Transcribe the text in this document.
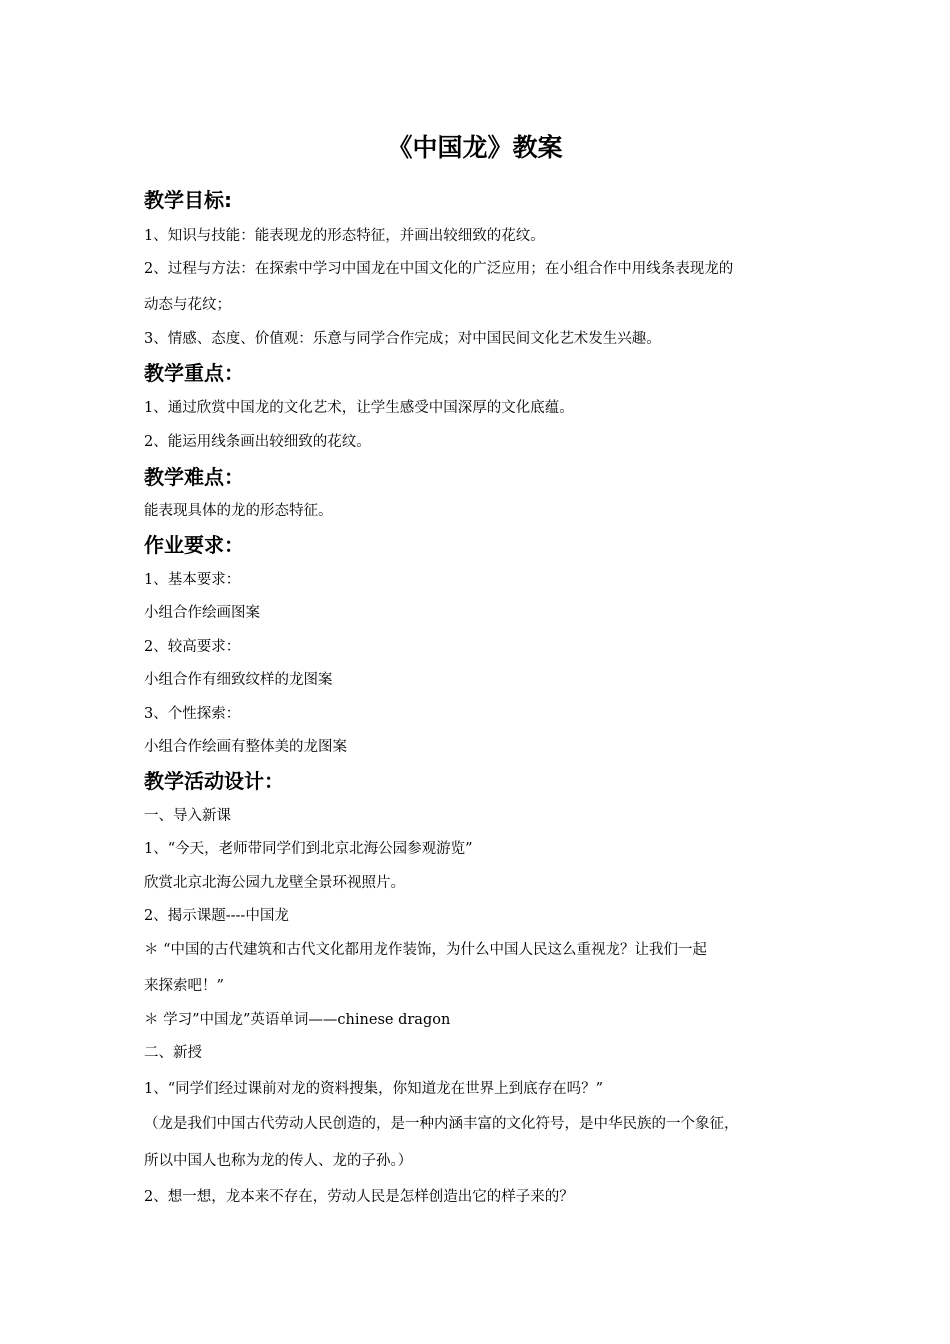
《中国龙》教案
教学目标:
1、知识与技能：能表现龙的形态特征，并画出较细致的花纹。
2、过程与方法：在探索中学习中国龙在中国文化的广泛应用；在小组合作中用线条表现龙的
动态与花纹；
3、情感、态度、价值观：乐意与同学合作完成；对中国民间文化艺术发生兴趣。
教学重点：
1、通过欣赏中国龙的文化艺术，让学生感受中国深厚的文化底蕴。
2、能运用线条画出较细致的花纹。
教学难点：
能表现具体的龙的形态特征。
作业要求：
1、基本要求：
小组合作绘画图案
2、较高要求：
小组合作有细致纹样的龙图案
3、个性探索：
小组合作绘画有整体美的龙图案
教学活动设计：
一、导入新课
1、“今天，老师带同学们到北京北海公园参观游览”
欣赏北京北海公园九龙壁全景环视照片。
2、揭示课题----中国龙
＊ “中国的古代建筑和古代文化都用龙作装饰，为什么中国人民这么重视龙？让我们一起
来探索吧！”
＊ 学习”中国龙”英语单词——chinese dragon
二、新授
1、“同学们经过课前对龙的资料搜集，你知道龙在世界上到底存在吗？”
（龙是我们中国古代劳动人民创造的，是一种内涵丰富的文化符号，是中华民族的一个象征，
所以中国人也称为龙的传人、龙的子孙。）
2、想一想，龙本来不存在，劳动人民是怎样创造出它的样子来的？
